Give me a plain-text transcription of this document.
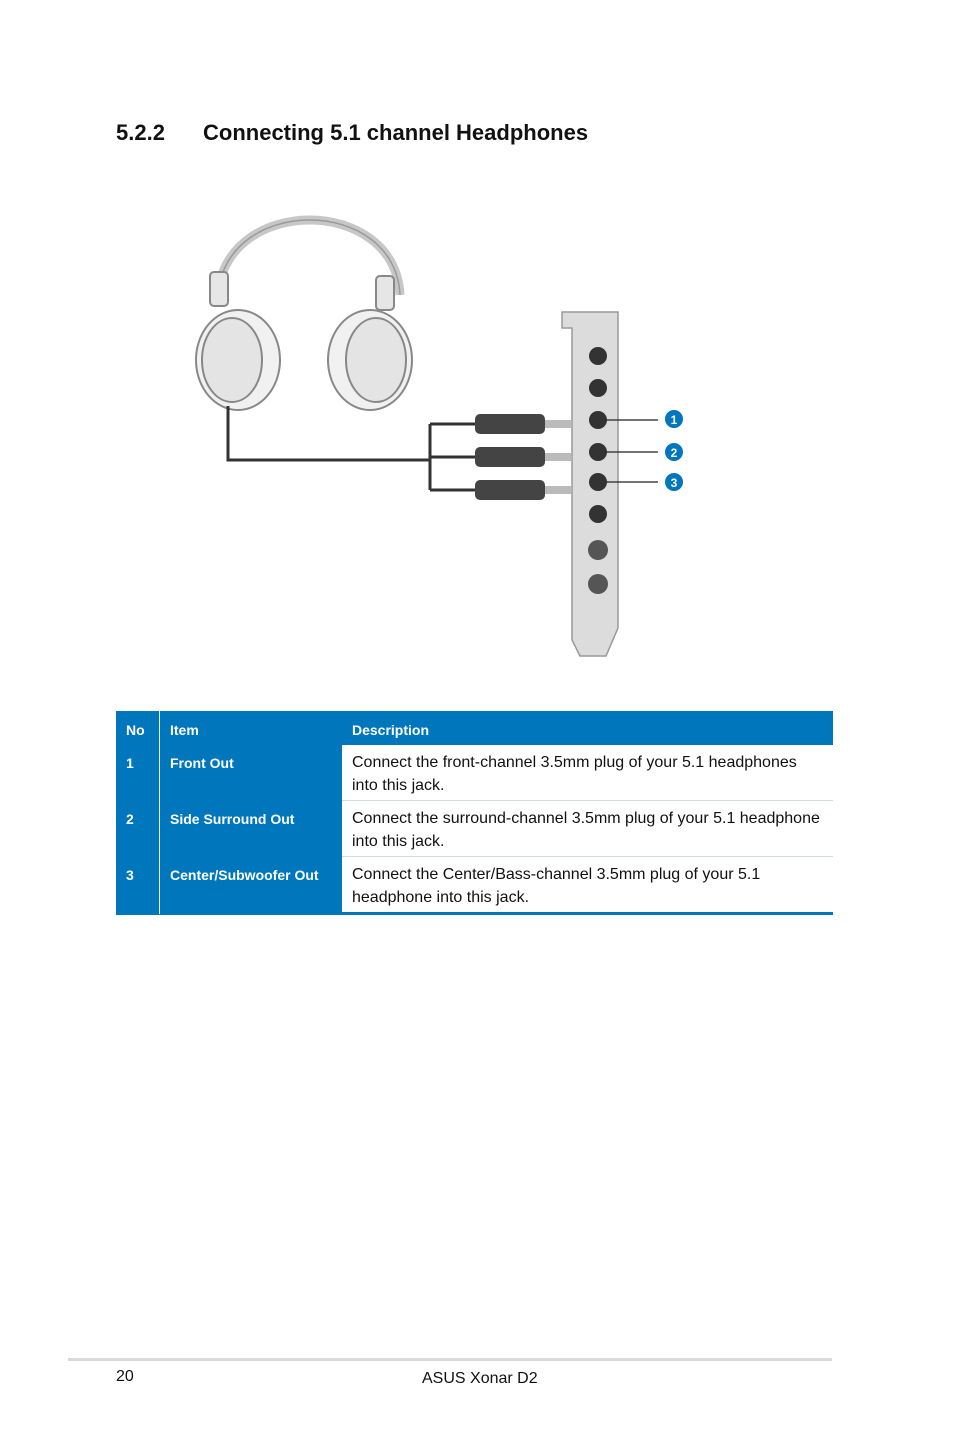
5.2.2 Connecting 5.1 channel Headphones
1
2
3
No	Item	Description
1	Front Out	Connect the front-channel 3.5mm plug of your 5.1 headphones into this jack.
2	Side Surround Out	Connect the surround-channel 3.5mm plug of your 5.1 headphone into this jack.
3	Center/Subwoofer Out	Connect the Center/Bass-channel 3.5mm plug of your 5.1 headphone into this jack.
20	ASUS Xonar D2
